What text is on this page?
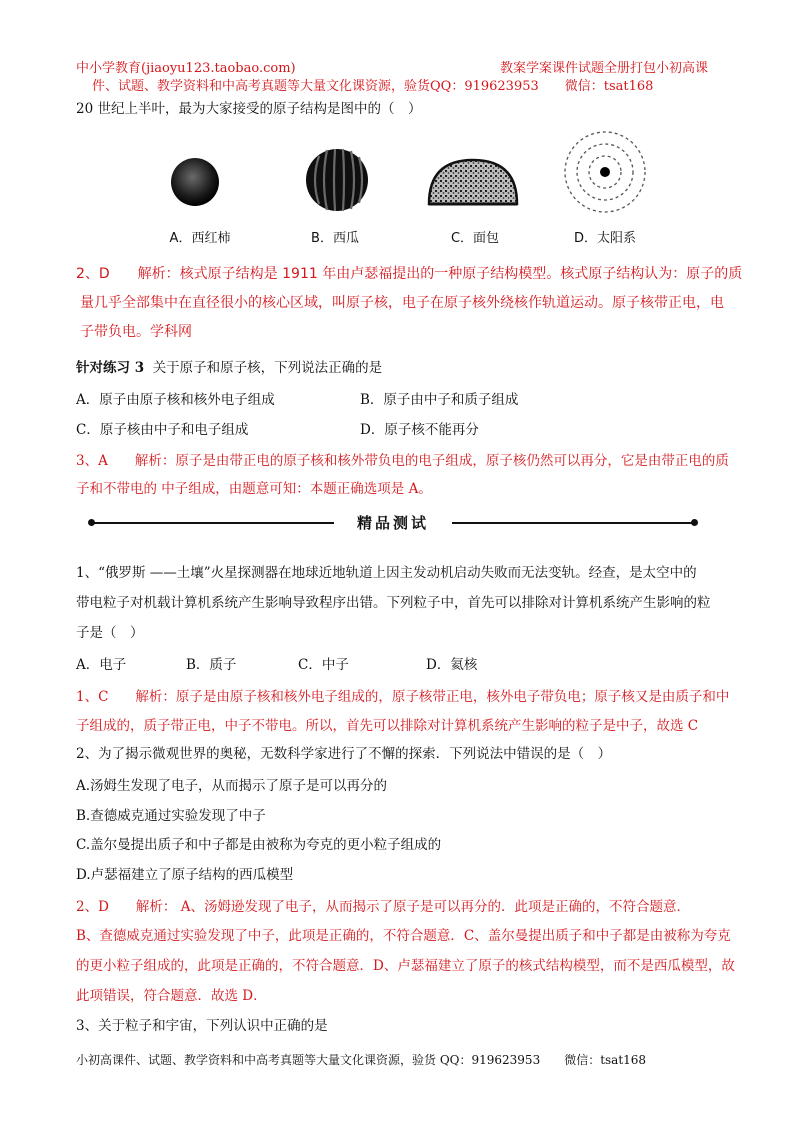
中小学教育(jiaoyu123.taobao.com)	教案学案课件试题全册打包小初高课
件、试题、教学资料和中高考真题等大量文化课资源，验货QQ：919623953　　微信：tsat168
20 世纪上半叶，最为大家接受的原子结构是图中的（　）
A．西红柿	B．西瓜	C．面包	D．太阳系
2、D　　解析：核式原子结构是 1911 年由卢瑟福提出的一种原子结构模型。核式原子结构认为：原子的质
量几乎全部集中在直径很小的核心区域，叫原子核，电子在原子核外绕核作轨道运动。原子核带正电，电
子带负电。学科网
针对练习 3 关于原子和原子核，下列说法正确的是
A．原子由原子核和核外电子组成	B．原子由中子和质子组成
C．原子核由中子和电子组成	D．原子核不能再分
3、A　　解析：原子是由带正电的原子核和核外带负电的电子组成，原子核仍然可以再分，它是由带正电的质
子和不带电的 中子组成，由题意可知：本题正确选项是 A。
精品测试
1、“俄罗斯 ——土壤”火星探测器在地球近地轨道上因主发动机启动失败而无法变轨。经查，是太空中的
带电粒子对机载计算机系统产生影响导致程序出错。下列粒子中，首先可以排除对计算机系统产生影响的粒
子是（　）
A．电子	B．质子	C．中子	D．氦核
1、C　　解析：原子是由原子核和核外电子组成的，原子核带正电，核外电子带负电；原子核又是由质子和中
子组成的，质子带正电，中子不带电。所以，首先可以排除对计算机系统产生影响的粒子是中子，故选 C
2、为了揭示微观世界的奥秘，无数科学家进行了不懈的探索．下列说法中错误的是（　）
A.汤姆生发现了电子，从而揭示了原子是可以再分的
B.查德威克通过实验发现了中子
C.盖尔曼提出质子和中子都是由被称为夸克的更小粒子组成的
D.卢瑟福建立了原子结构的西瓜模型
2、D　　解析： A、汤姆逊发现了电子，从而揭示了原子是可以再分的．此项是正确的，不符合题意．
B、查德威克通过实验发现了中子，此项是正确的，不符合题意．C、盖尔曼提出质子和中子都是由被称为夸克
的更小粒子组成的，此项是正确的，不符合题意．D、卢瑟福建立了原子的核式结构模型，而不是西瓜模型，故
此项错误，符合题意．故选 D．
3、关于粒子和宇宙，下列认识中正确的是
小初高课件、试题、教学资料和中高考真题等大量文化课资源，验货 QQ：919623953　　微信：tsat168
